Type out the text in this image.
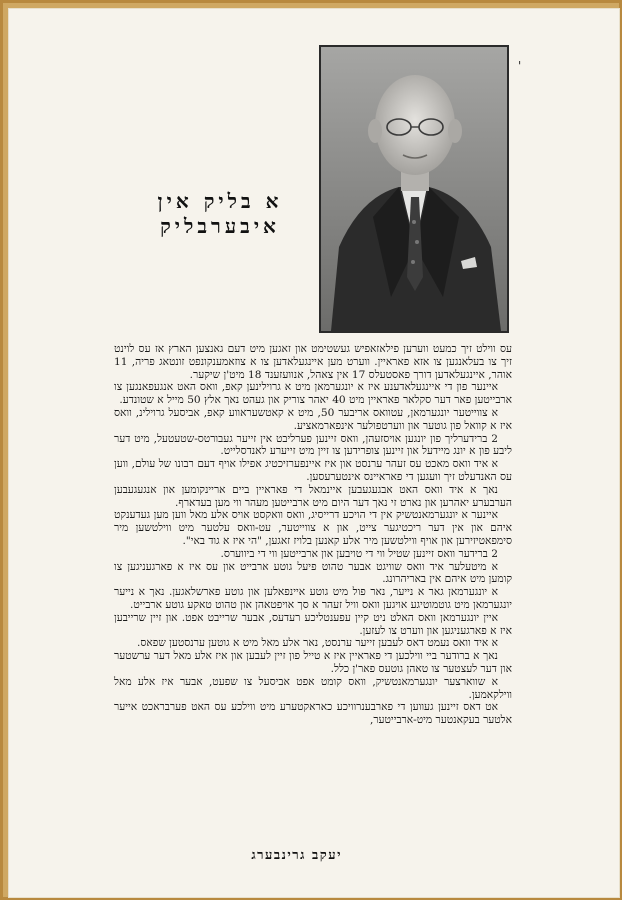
'
א בליק אין איבערבליק

עס ווילט זיך כמעט ווערען פילאזאפיש געשטימט און זאגען מיט דעם גאנצען הארץ אז עס לוינט זיך צו בעלאנגען צו אזא פאראיין. ווערט מען איינגעלאדען צו א צוזאמענקונפט זונטאג פריה, 11 אוהר, איינגעלאדען דורך פאסטעלס 17 אין צאהל, אנוועזענד 18 מיט'ן שיקער.

איינער פון די איינגעלאדענע איז א יונגערמאן מיט א גרוילינען קאפ, וואס האט אנגעפאנגען צו ארבייטען פאר דער סקלאר פאראיין מיט 40 יאהר צוריק און געהט נאך אלץ 50 מייל א שטונדע.

א צווייטער יונגערמאן, עטוואס אריבער 50, מיט א קאטשעראווע קאפ, אביסעל גרוילינ, וואס איז א קוואל פון גוטער און ווערטפולער אינפארמאציע.

2 ברידערליך פון יונגען אויסזעהן, וואס זיינען פערליבט אין זייער געבורטס-שטעטעל, מיט דער ליבע פון א יונג מיידעל און זיינען צופרידען צו זיין מיט זייערע לאנדסלייט.

א איד וואס מאכט עס זעהר ערנסט און איז איינפערזיכטיג אפילו אויף דעם רבונו של עולם, ווען עס האנדעלט זיך וועגען די פאראיינס אינטערעסען.

נאך א איד וואס האט אבגעגעבען איינמאל די פאראיין ביים אריינקומען און אנגעגעבען הערבערע יאהרען און נארט זי נאך דער היום מיט ארבייטען מעהר ווי מען בעדארף.

איינער א יונגערמאנטשיק אין די הויכע דרייסיג, וואס וואקסט אויס אלע מאל ווען מען געדענקט איהם און אין דער ריכטיגער צייט, און א צווייטער, עט-וואס עלטער מיט ווילטשען מיר סימפאטיזירען און אויף ווילטשען מיר אלע קאנען בלויז זאגען, "הי איז א גוד באי".

2 ברידער וואס זיינען שטיל ווי די טויבען און ארבייטען ווי די ביווערס.

א מיטעלער איד וואס שוויגט אבער טהוט פיעל גוטע ארבייט און עס איז א פארגעניגען צו קומען מיט איהם אין באריהרונג.

א יונגערמאן גאר א נייער, נאר פול מיט גוטע איינפאלען און גוטע פארשלאגען. נאך א נייער יונגערמאן מיט גוטמוטיגע אויגען וואס וויל זעהר א סך אויפטאהן און טהוט טאקע גוטע ארבייט.

איין יונגערמאן וואס האלט ניט קיין עפענטליכע רעדעס, אבער שרייבט אפט. און זיין שרייבען איז א פארגעניגען און ווערט צו לעזען.

א איד וואס נעמט דאס לעבען זייער ערנסט, נאר אלע מאל מיט א גוטען ערנסטען שפאס.

נאך א ברודער ביי ווילכען די פאראיין איז א טייל פון זיין לעבען און איז אלע מאל דער ערשטער און דער לעצטער צו טאהן גוטעס פאר'ן כלל.

א שווארצער יונגערמאנטשיק, וואס קומט אפט אביסעל צו שפעט, אבער איז אלע מאל ווילקאמען.

אט דאס זיינען געווען די פארבענרוויכע כאראקטערע מיט ווילכע עס האט פערבראכט אייער אלטער בעקאנטער מיט-ארבייטער,

יעקב גרינבערג
